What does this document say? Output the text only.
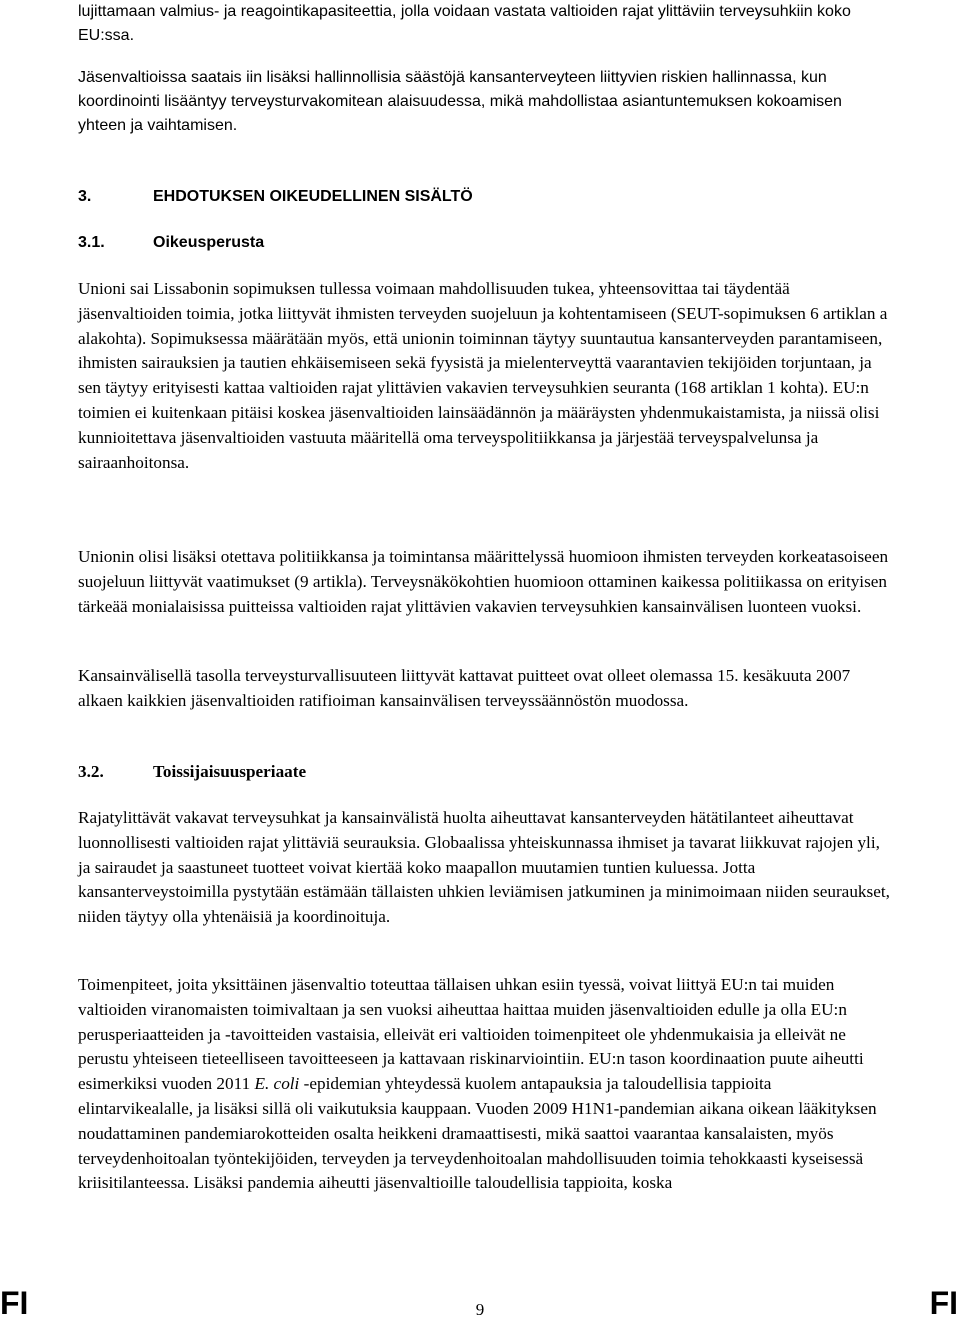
lujittamaan valmius- ja reagointikapasiteettia, jolla voidaan vastata valtioiden rajat ylittäviin terveysuhkiin koko EU:ssa.

Jäsenvaltioissa saatais iin lisäksi hallinnollisia säästöjä kansanterveyteen liittyvien riskien hallinnassa, kun koordinointi lisääntyy terveysturvakomitean alaisuudessa, mikä mahdollistaa asiantuntemuksen kokoamisen yhteen ja vaihtamisen.

3.	EHDOTUKSEN OIKEUDELLINEN SISÄLTÖ
3.1.	Oikeusperusta

Unioni sai Lissabonin sopimuksen tullessa voimaan mahdollisuuden tukea, yhteensovittaa tai täydentää jäsenvaltioiden toimia, jotka liittyvät ihmisten terveyden suojeluun ja kohtentamiseen (SEUT-sopimuksen 6 artiklan a alakohta). Sopimuksessa määrätään myös, että unionin toiminnan täytyy suuntautua kansanterveyden parantamiseen, ihmisten sairauksien ja tautien ehkäisemiseen sekä fyysistä ja mielenterveyttä vaarantavien tekijöiden torjuntaan, ja sen täytyy erityisesti kattaa valtioiden rajat ylittävien vakavien terveysuhkien seuranta (168 artiklan 1 kohta). EU:n toimien ei kuitenkaan pitäisi koskea jäsenvaltioiden lainsäädännön ja määräysten yhdenmukaistamista, ja niissä olisi kunnioitettava jäsenvaltioiden vastuuta määritellä oma terveyspolitiikkansa ja järjestää terveyspalvelunsa ja sairaanhoitonsa.

Unionin olisi lisäksi otettava politiikkansa ja toimintansa määrittelyssä huomioon ihmisten terveyden korkeatasoiseen suojeluun liittyvät vaatimukset (9 artikla). Terveysnäkökohtien huomioon ottaminen kaikessa politiikassa on erityisen tärkeää monialaisissa puitteissa valtioiden rajat ylittävien vakavien terveysuhkien kansainvälisen luonteen vuoksi.

Kansainvälisellä tasolla terveysturvallisuuteen liittyvät kattavat puitteet ovat olleet olemassa 15. kesäkuuta 2007 alkaen kaikkien jäsenvaltioiden ratifioiman kansainvälisen terveyssäännöstön muodossa.

3.2.	Toissijaisuusperiaate

Rajatylittävät vakavat terveysuhkat ja kansainvälistä huolta aiheuttavat kansanterveyden hätätilanteet aiheuttavat luonnollisesti valtioiden rajat ylittäviä seurauksia. Globaalissa yhteiskunnassa ihmiset ja tavarat liikkuvat rajojen yli, ja sairaudet ja saastuneet tuotteet voivat kiertää koko maapallon muutamien tuntien kuluessa. Jotta kansanterveystoimilla pystytään estämään tällaisten uhkien leviämisen jatkuminen ja minimoimaan niiden seuraukset, niiden täytyy olla yhtenäisiä ja koordinoituja.

Toimenpiteet, joita yksittäinen jäsenvaltio toteuttaa tällaisen uhkan esiin tyessä, voivat liittyä EU:n tai muiden valtioiden viranomaisten toimivaltaan ja sen vuoksi aiheuttaa haittaa muiden jäsenvaltioiden edulle ja olla EU:n perusperiaatteiden ja -tavoitteiden vastaisia, elleivät eri valtioiden toimenpiteet ole yhdenmukaisia ja elleivät ne perustu yhteiseen tieteelliseen tavoitteeseen ja kattavaan riskinarviointiin. EU:n tason koordinaation puute aiheutti esimerkiksi vuoden 2011 E. coli -epidemian yhteydessä kuolem antapauksia ja taloudellisia tappioita elintarvikealalle, ja lisäksi sillä oli vaikutuksia kauppaan. Vuoden 2009 H1N1-pandemian aikana oikean lääkityksen noudattaminen pandemiarokotteiden osalta heikkeni dramaattisesti, mikä saattoi vaarantaa kansalaisten, myös terveydenhoitoalan työntekijöiden, terveyden ja terveydenhoitoalan mahdollisuuden toimia tehokkaasti kyseisessä kriisitilanteessa. Lisäksi pandemia aiheutti jäsenvaltioille taloudellisia tappioita, koska

FI	9	FI
